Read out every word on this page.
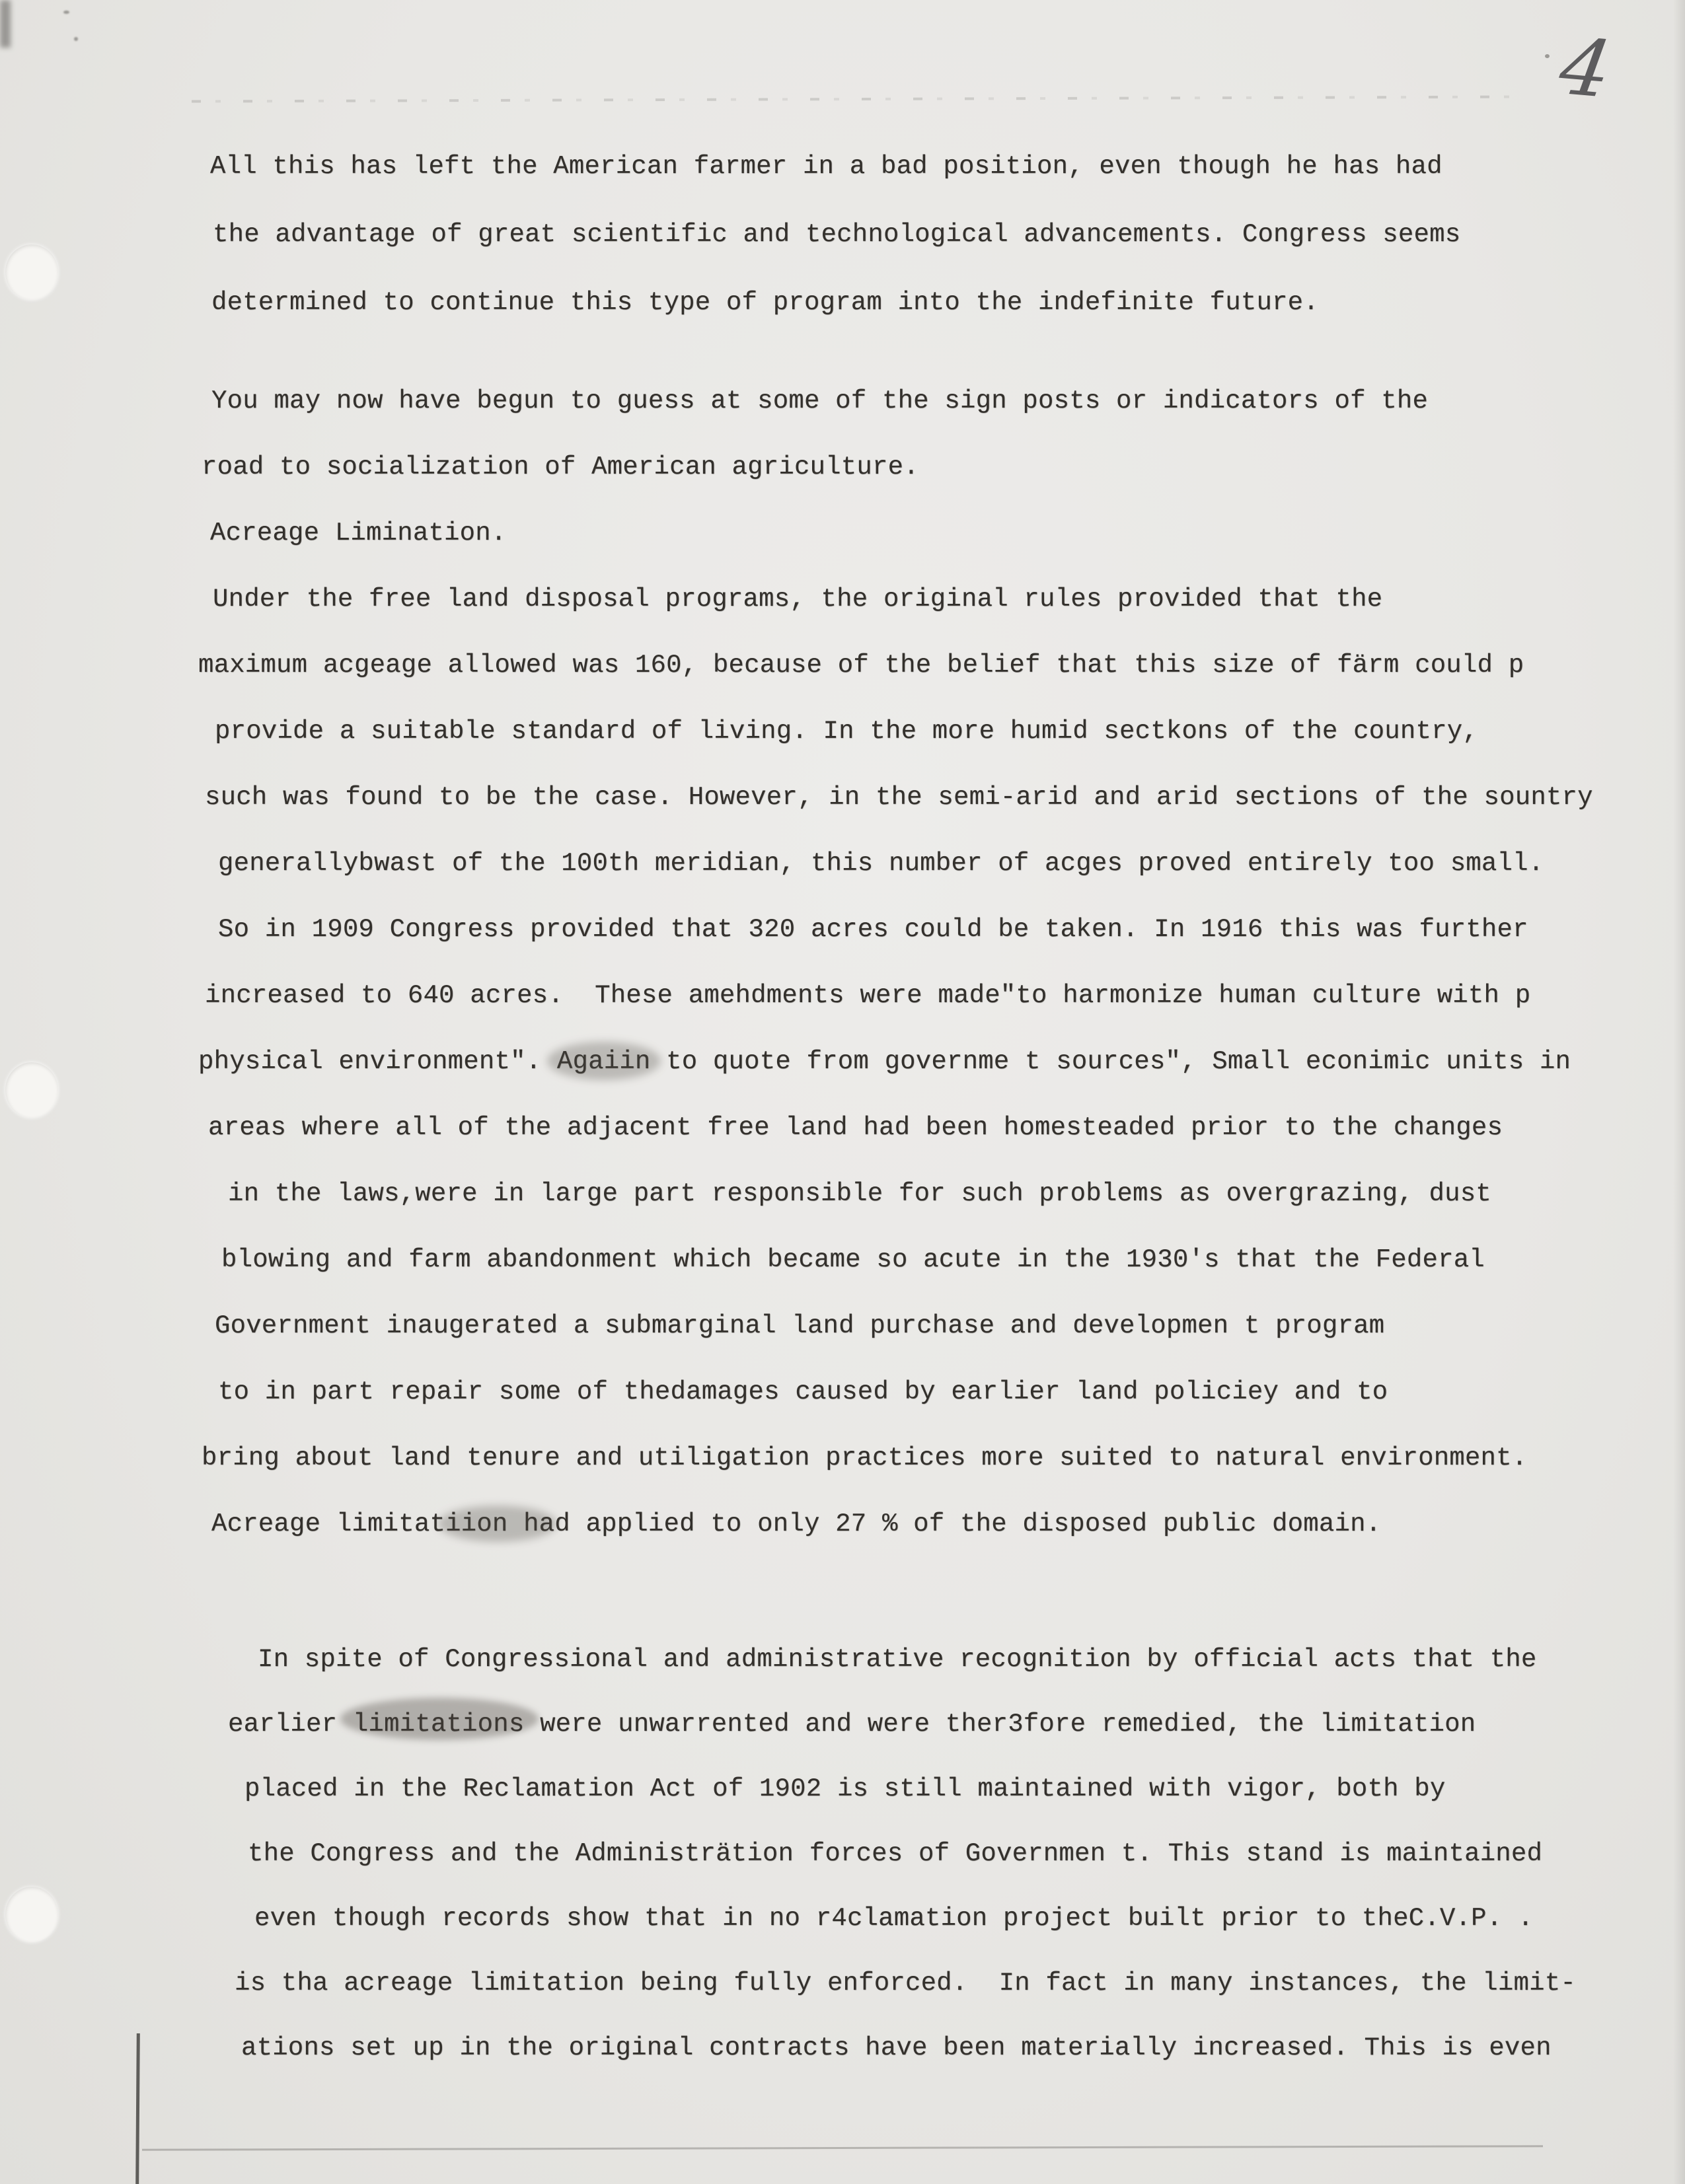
4
All this has left the American farmer in a bad position, even though he has had
the advantage of great scientific and technological advancements. Congress seems
determined to continue this type of program into the indefinite future.
You may now have begun to guess at some of the sign posts or indicators of the
road to socialization of American agriculture.
Acreage Limination.
Under the free land disposal programs, the original rules provided that the
maximum acgeage allowed was 160, because of the belief that this size of färm could p
provide a suitable standard of living. In the more humid sectkons of the country,
such was found to be the case. However, in the semi-arid and arid sections of the sountry
generallybwast of the 100th meridian, this number of acges proved entirely too small.
So in 1909 Congress provided that 320 acres could be taken. In 1916 this was further
increased to 640 acres.  These amehdments were made"to harmonize human culture with p
physical environment". Agaiin to quote from governme t sources", Small econimic units in
areas where all of the adjacent free land had been homesteaded prior to the changes
in the laws,were in large part responsible for such problems as overgrazing, dust
blowing and farm abandonment which became so acute in the 1930's that the Federal
Government inaugerated a submarginal land purchase and developmen t program
to in part repair some of thedamages caused by earlier land policiey and to
bring about land tenure and utiligation practices more suited to natural environment.
Acreage limitatiion had applied to only 27 % of the disposed public domain.
In spite of Congressional and administrative recognition by official acts that the
earlier limitations were unwarrented and were ther3fore remedied, the limitation
placed in the Reclamation Act of 1902 is still maintained with vigor, both by
the Congress and the Administrätion forces of Governmen t. This stand is maintained
even though records show that in no r4clamation project built prior to theC.V.P. .
is tha acreage limitation being fully enforced.  In fact in many instances, the limit-
ations set up in the original contracts have been materially increased. This is even
